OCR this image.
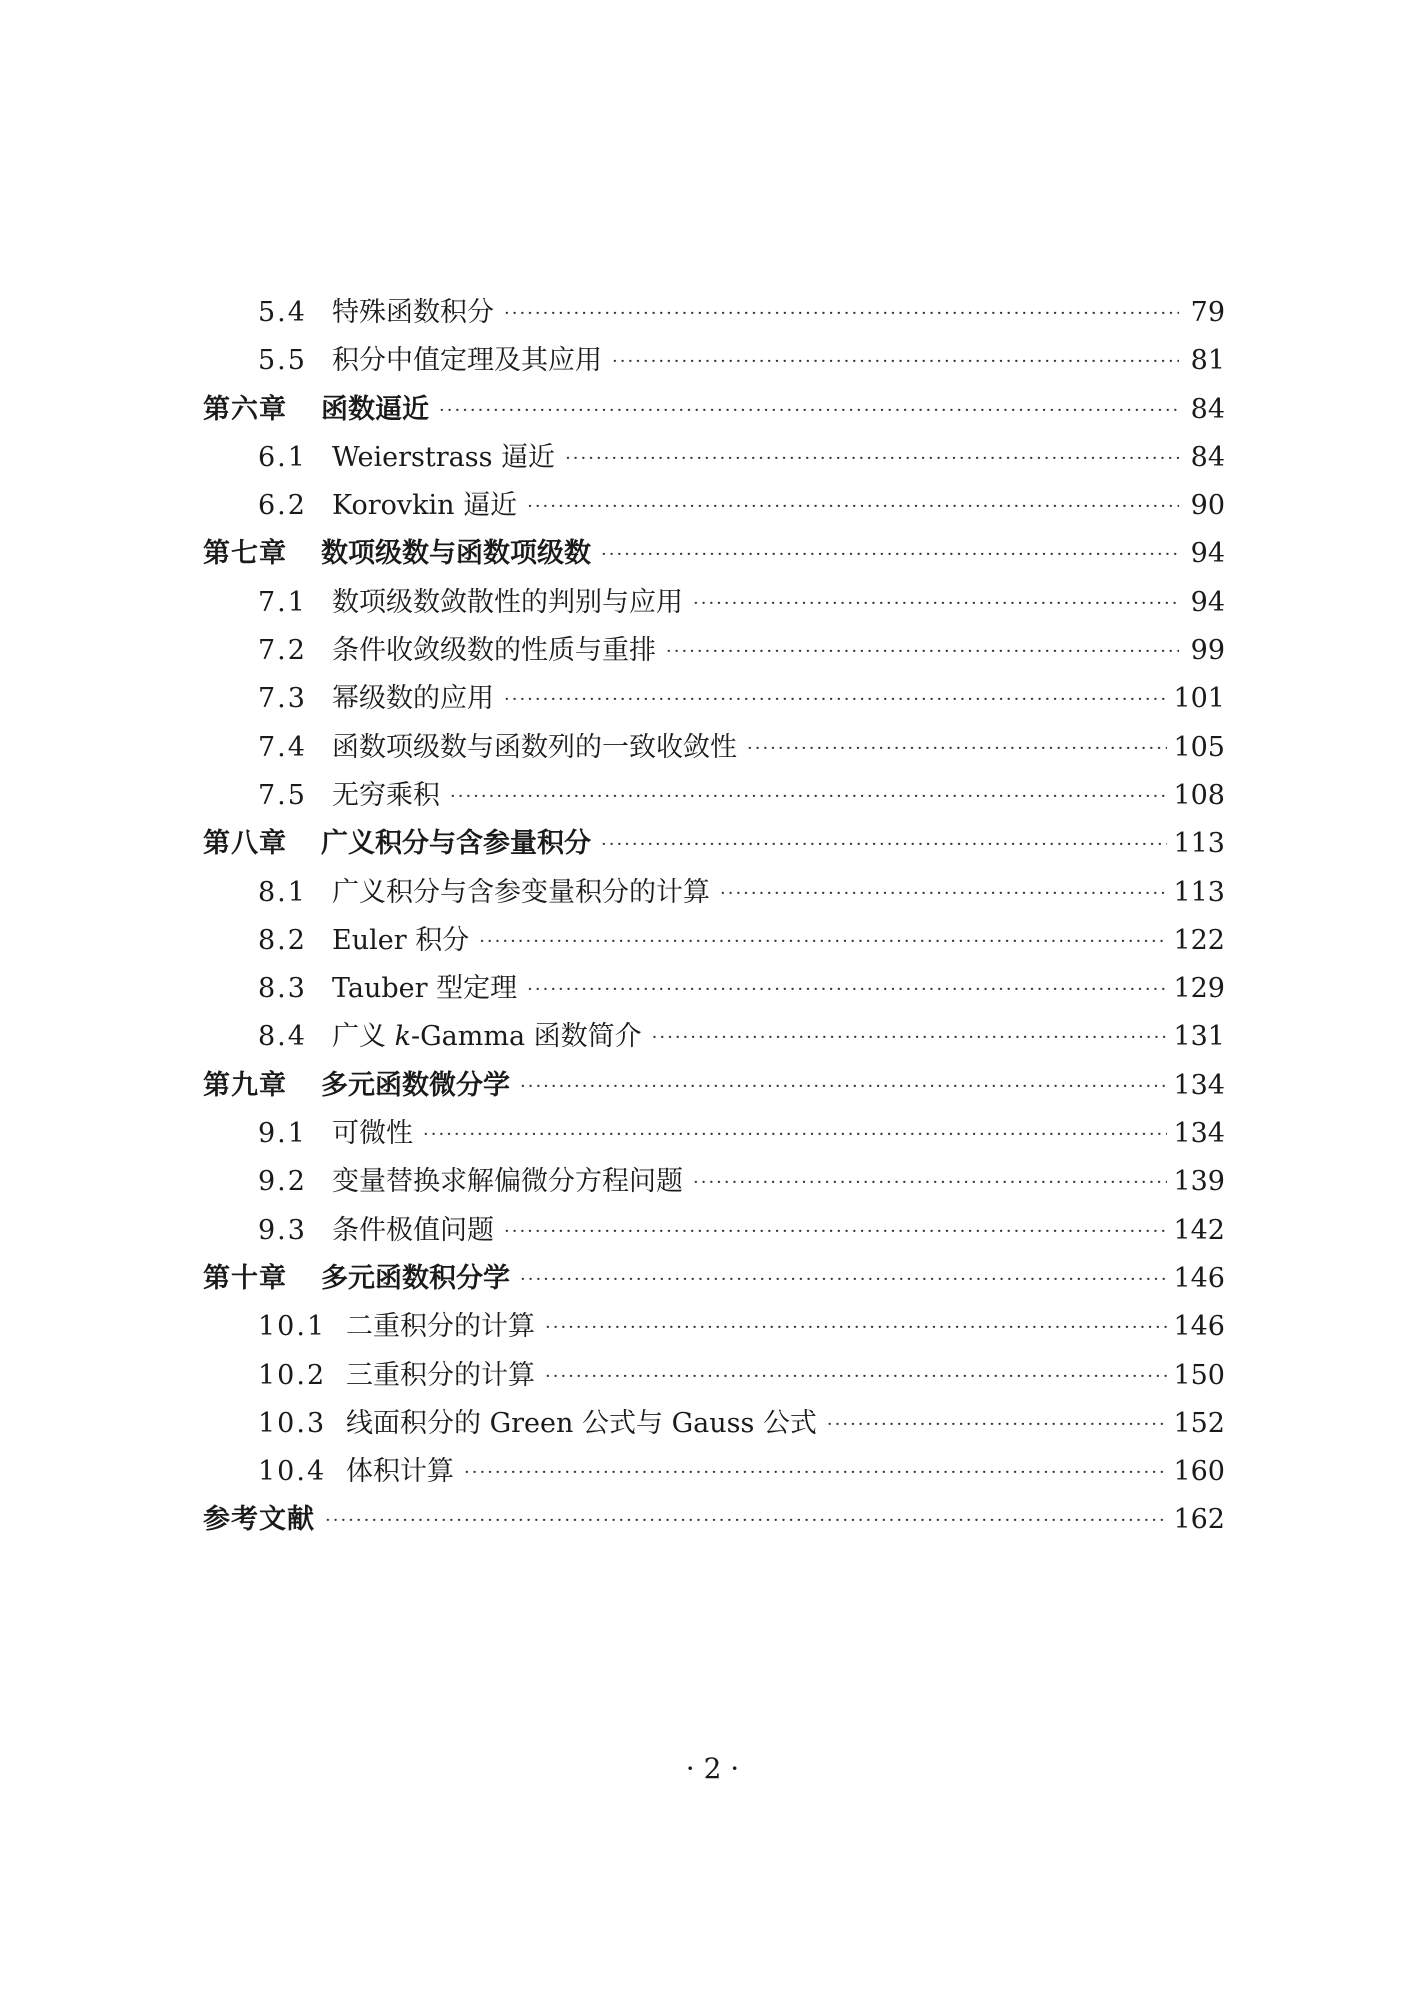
5.4 特殊函数积分 ·····	79
5.5 积分中值定理及其应用 ·····	81
第六章	函数逼近 ·····	84
6.1 Weierstrass 逼近 ·····	84
6.2 Korovkin 逼近 ·····	90
第七章	数项级数与函数项级数 ·····	94
7.1 数项级数敛散性的判别与应用 ·····	94
7.2 条件收敛级数的性质与重排 ·····	99
7.3 幂级数的应用 ·····	101
7.4 函数项级数与函数列的一致收敛性 ·····	105
7.5 无穷乘积 ·····	108
第八章	广义积分与含参量积分 ·····	113
8.1 广义积分与含参变量积分的计算 ·····	113
8.2 Euler 积分 ·····	122
8.3 Tauber 型定理 ·····	129
8.4 广义 k-Gamma 函数简介 ·····	131
第九章	多元函数微分学 ·····	134
9.1 可微性 ·····	134
9.2 变量替换求解偏微分方程问题 ·····	139
9.3 条件极值问题 ·····	142
第十章	多元函数积分学 ·····	146
10.1 二重积分的计算 ·····	146
10.2 三重积分的计算 ·····	150
10.3 线面积分的 Green 公式与 Gauss 公式 ·····	152
10.4 体积计算 ·····	160
参考文献 ·····	162
· 2 ·
